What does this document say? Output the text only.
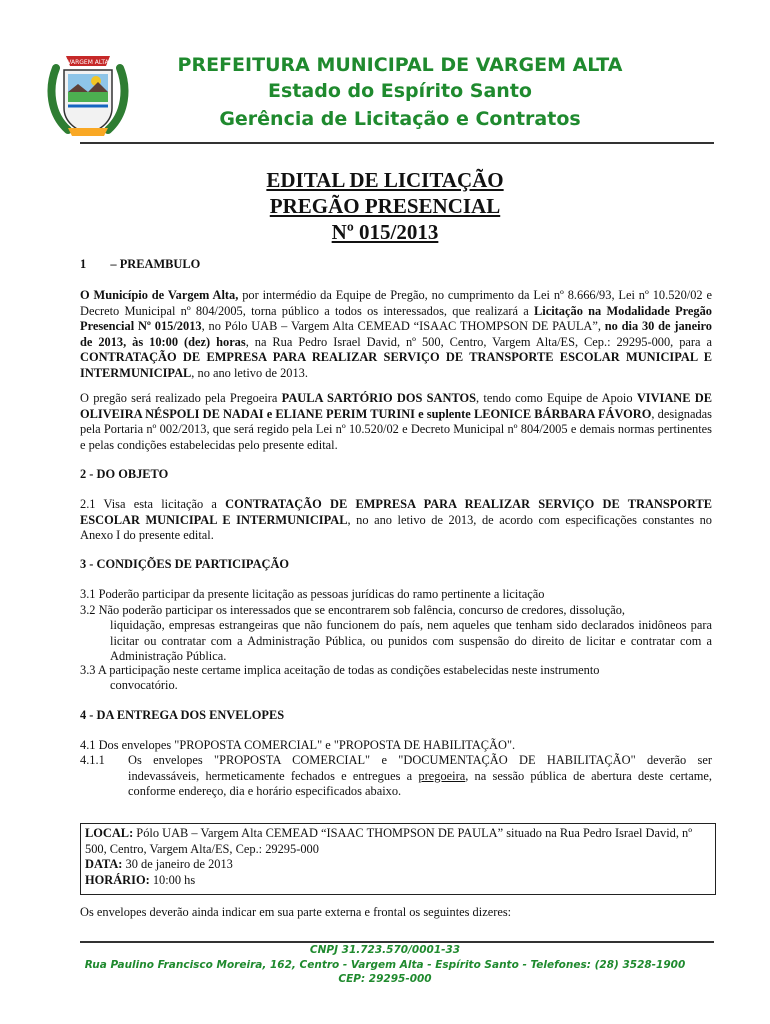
VARGEM ALTA	PREFEITURA MUNICIPAL DE VARGEM ALTA
Estado do Espírito Santo
Gerência de Licitação e Contratos
EDITAL DE LICITAÇÃO
PREGÃO PRESENCIAL
Nº 015/2013
1 – PREAMBULO
O Município de Vargem Alta, por intermédio da Equipe de Pregão, no cumprimento da Lei nº 8.666/93, Lei nº 10.520/02 e Decreto Municipal nº 804/2005, torna público a todos os interessados, que realizará a Licitação na Modalidade Pregão Presencial Nº 015/2013, no Pólo UAB – Vargem Alta CEMEAD “ISAAC THOMPSON DE PAULA”, no dia 30 de janeiro de 2013, às 10:00 (dez) horas, na Rua Pedro Israel David, nº 500, Centro, Vargem Alta/ES, Cep.: 29295-000, para a CONTRATAÇÃO DE EMPRESA PARA REALIZAR SERVIÇO DE TRANSPORTE ESCOLAR MUNICIPAL E INTERMUNICIPAL, no ano letivo de 2013.
O pregão será realizado pela Pregoeira PAULA SARTÓRIO DOS SANTOS, tendo como Equipe de Apoio VIVIANE DE OLIVEIRA NÉSPOLI DE NADAI e ELIANE PERIM TURINI e suplente LEONICE BÁRBARA FÁVORO, designadas pela Portaria nº 002/2013, que será regido pela Lei nº 10.520/02 e Decreto Municipal nº 804/2005 e demais normas pertinentes e pelas condições estabelecidas pelo presente edital.
2 - DO OBJETO
2.1 Visa esta licitação a CONTRATAÇÃO DE EMPRESA PARA REALIZAR SERVIÇO DE TRANSPORTE ESCOLAR MUNICIPAL E INTERMUNICIPAL, no ano letivo de 2013, de acordo com especificações constantes no Anexo I do presente edital.
3 - CONDIÇÕES DE PARTICIPAÇÃO
3.1 Poderão participar da presente licitação as pessoas jurídicas do ramo pertinente a licitação
3.2 Não poderão participar os interessados que se encontrarem sob falência, concurso de credores, dissolução,
liquidação, empresas estrangeiras que não funcionem do país, nem aqueles que tenham sido declarados inidôneos para licitar ou contratar com a Administração Pública, ou punidos com suspensão do direito de licitar e contratar com a Administração Pública.
3.3 A participação neste certame implica aceitação de todas as condições estabelecidas neste instrumento
convocatório.
4 - DA ENTREGA DOS ENVELOPES
4.1 Dos envelopes "PROPOSTA COMERCIAL" e "PROPOSTA DE HABILITAÇÃO".
4.1.1 Os envelopes "PROPOSTA COMERCIAL" e "DOCUMENTAÇÃO DE HABILITAÇÃO" deverão ser indevassáveis, hermeticamente fechados e entregues a pregoeira, na sessão pública de abertura deste certame, conforme endereço, dia e horário especificados abaixo.
LOCAL: Pólo UAB – Vargem Alta CEMEAD “ISAAC THOMPSON DE PAULA” situado na Rua Pedro Israel David, nº 500, Centro, Vargem Alta/ES, Cep.: 29295-000
DATA: 30 de janeiro de 2013
HORÁRIO: 10:00 hs
Os envelopes deverão ainda indicar em sua parte externa e frontal os seguintes dizeres:
CNPJ 31.723.570/0001-33
Rua Paulino Francisco Moreira, 162, Centro - Vargem Alta - Espírito Santo - Telefones: (28) 3528-1900
CEP: 29295-000
